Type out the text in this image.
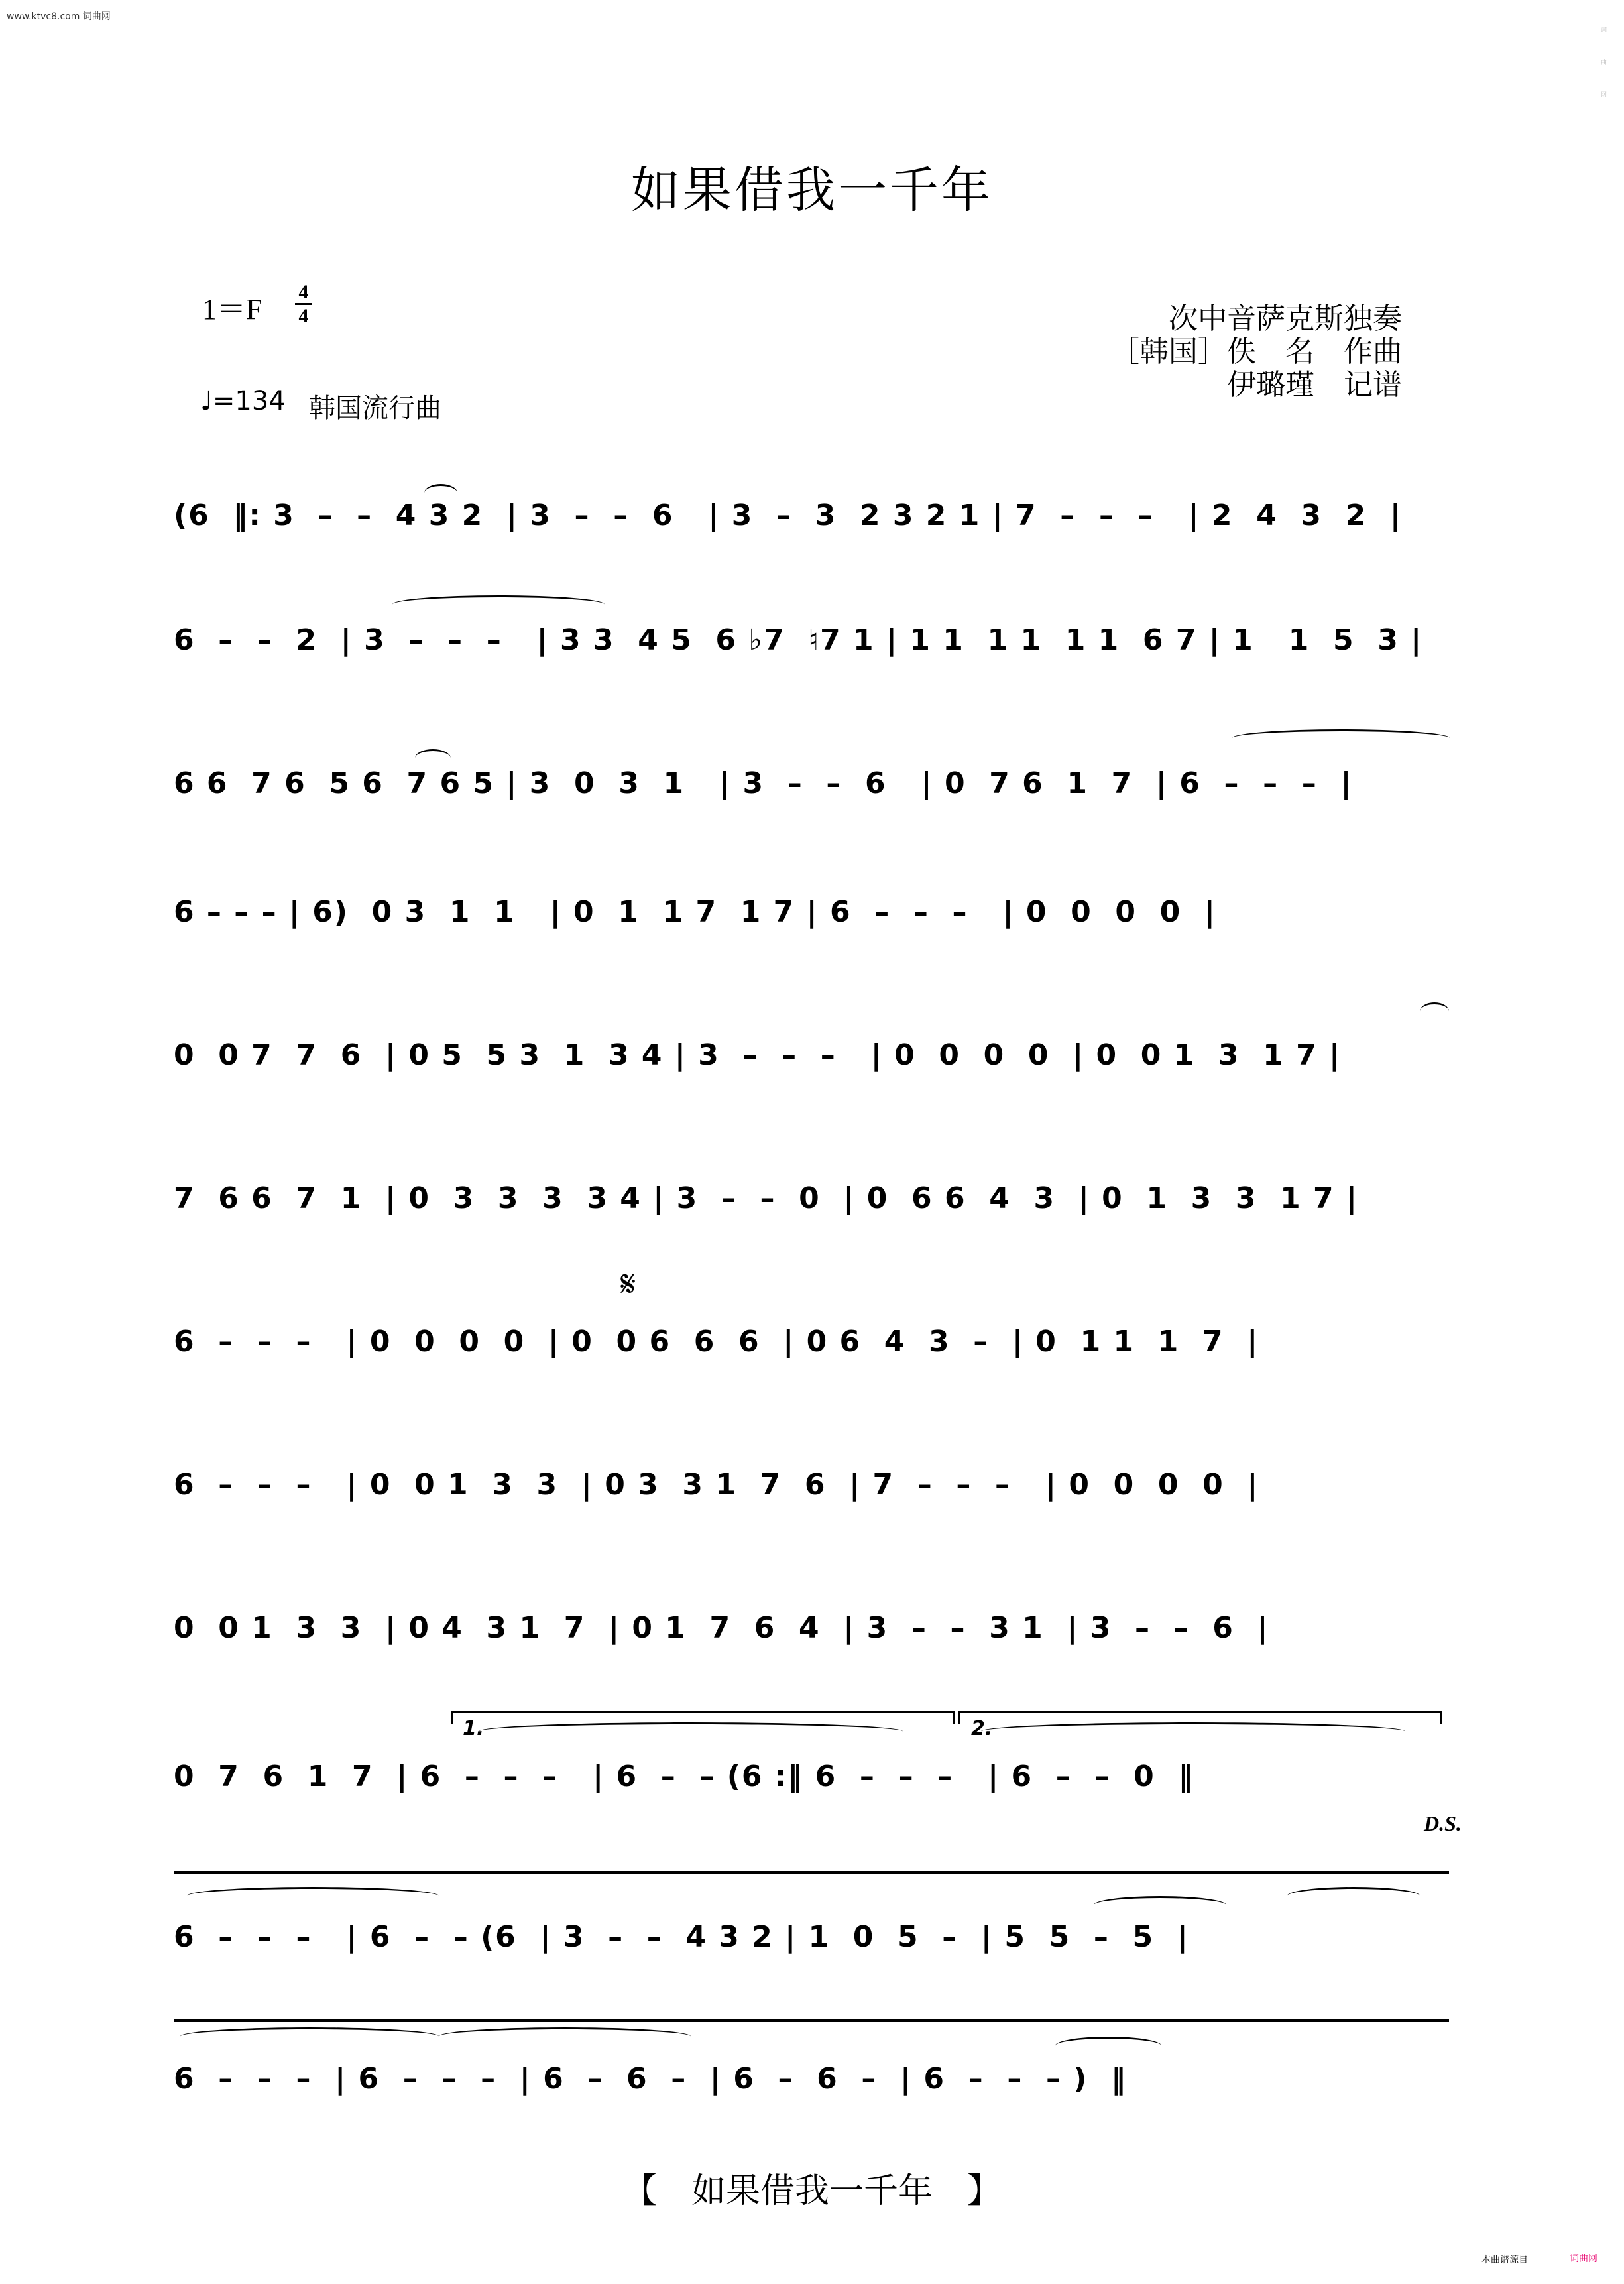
www.ktvc8.com 词曲网
词曲网
如果借我一千年
1＝F
4
4
♩=134 韩国流行曲
次中音萨克斯独奏
［韩国］佚　名　作曲
伊璐瑾　记谱
(6  ‖: 3  –  –  4 3 2  | 3  –  –  6   | 3  –  3  2 3 2 1 | 7  –  –  –   | 2  4  3  2  |
6  –  –  2  | 3  –  –  –   | 3 3  4 5  6 ♭7  ♮7 1 | 1 1  1 1  1 1  6 7 | 1   1  5  3 |
6 6  7 6  5 6  7 6 5 | 3  0  3  1   | 3  –  –  6   | 0  7 6  1  7  | 6  –  –  –  |
6 – – – | 6)  0 3  1  1   | 0  1  1 7  1 7 | 6  –  –  –   | 0  0  0  0  |
0  0 7  7  6  | 0 5  5 3  1  3 4 | 3  –  –  –   | 0  0  0  0  | 0  0 1  3  1 7 |
7  6 6  7  1  | 0  3  3  3  3 4 | 3  –  –  0  | 0  6 6  4  3  | 0  1  3  3  1 7 |
𝄋
6  –  –  –   | 0  0  0  0  | 0  0 6  6  6  | 0 6  4  3  –  | 0  1 1  1  7  |
6  –  –  –   | 0  0 1  3  3  | 0 3  3 1  7  6  | 7  –  –  –   | 0  0  0  0  |
0  0 1  3  3  | 0 4  3 1  7  | 0 1  7  6  4  | 3  –  –  3 1  | 3  –  –  6  |
1.	2.
0  7  6  1  7  | 6  –  –  –   | 6  –  – (6 :‖ 6  –  –  –   | 6  –  –  0  ‖
D.S.
6  –  –  –   | 6  –  – (6  | 3  –  –  4 3 2 | 1  0  5  –  | 5  5  –  5  |
6  –  –  –  | 6  –  –  –  | 6  –  6  –  | 6  –  6  –  | 6  –  –  – )  ‖
【　如果借我一千年　】
本曲谱源自	词曲网
